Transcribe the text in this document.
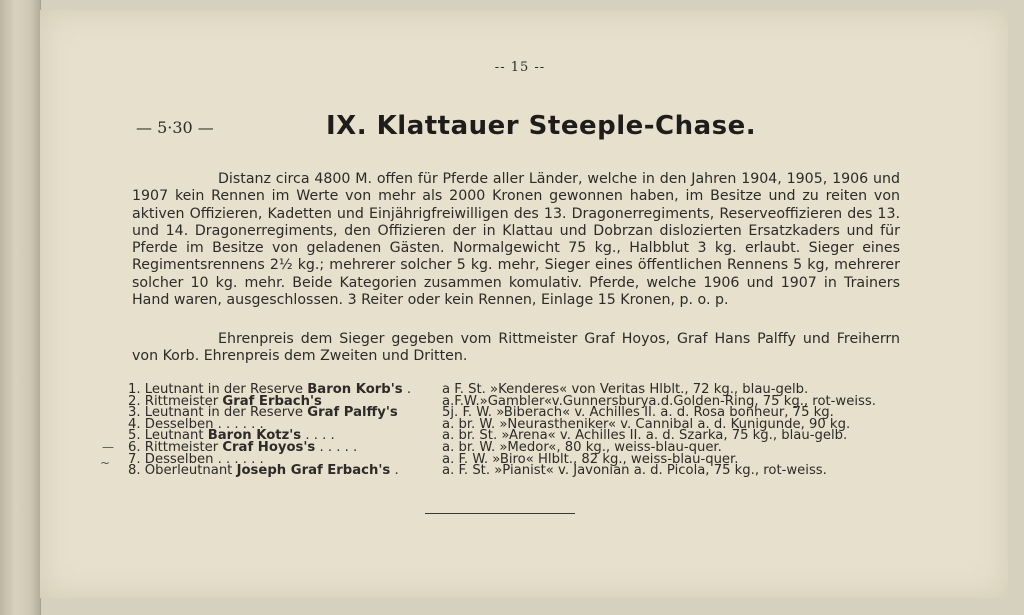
-- 15 --
— 5·30 —	IX. Klattauer Steeple-Chase.

Distanz circa 4800 M. offen für Pferde aller Länder, welche in den Jahren 1904, 1905, 1906 und 1907 kein Rennen im Werte von mehr als 2000 Kronen gewonnen haben, im Besitze und zu reiten von aktiven Offizieren, Kadetten und Einjährigfreiwilligen des 13. Dragonerregiments, Reserveoffizieren des 13. und 14. Dragonerregiments, den Offizieren der in Klattau und Dobrzan dislozierten Ersatzkaders und für Pferde im Besitze von geladenen Gästen. Normalgewicht 75 kg., Halbblut 3 kg. erlaubt. Sieger eines Regimentsrennens 2½ kg.; mehrerer solcher 5 kg. mehr, Sieger eines öffentlichen Rennens 5 kg, mehrerer solcher 10 kg. mehr. Beide Kategorien zusammen komulativ. Pferde, welche 1906 und 1907 in Trainers Hand waren, ausgeschlossen. 3 Reiter oder kein Rennen, Einlage 15 Kronen, p. o. p.

Ehrenpreis dem Sieger gegeben vom Rittmeister Graf Hoyos, Graf Hans Palffy und Freiherrn von Korb. Ehrenpreis dem Zweiten und Dritten.

1. Leutnant in der Reserve Baron Korb's . a F. St. »Kenderes« von Veritas Hlblt., 72 kg., blau-gelb.
2. Rittmeister Graf Erbach's	a.F.W.»Gambler«v.Gunnersburya.d.Golden-Ring, 75 kg., rot-weiss.
3. Leutnant in der Reserve Graf Palffy's	5j. F. W. »Biberach« v. Achilles II. a. d. Rosa bonheur, 75 kg.
4. Desselben . . . . . .	a. br. W. »Neurastheniker« v. Cannibal a. d. Kunigunde, 90 kg.
5. Leutnant Baron Kotz's . . . .	a. br. St. »Arena« v. Achilles II. a. d. Szarka, 75 kg., blau-gelb.
6. Rittmeister Craf Hoyos's . . . . .	a. br. W. »Medor«, 80 kg., weiss-blau-quer.
7. Desselben . . . . . .	a. F. W. »Biro« Hlblt., 82 kg., weiss-blau-quer.
8. Oberleutnant Joseph Graf Erbach's .	a. F. St. »Pianist« v. Javonian a. d. Picola, 75 kg., rot-weiss.
—
~
